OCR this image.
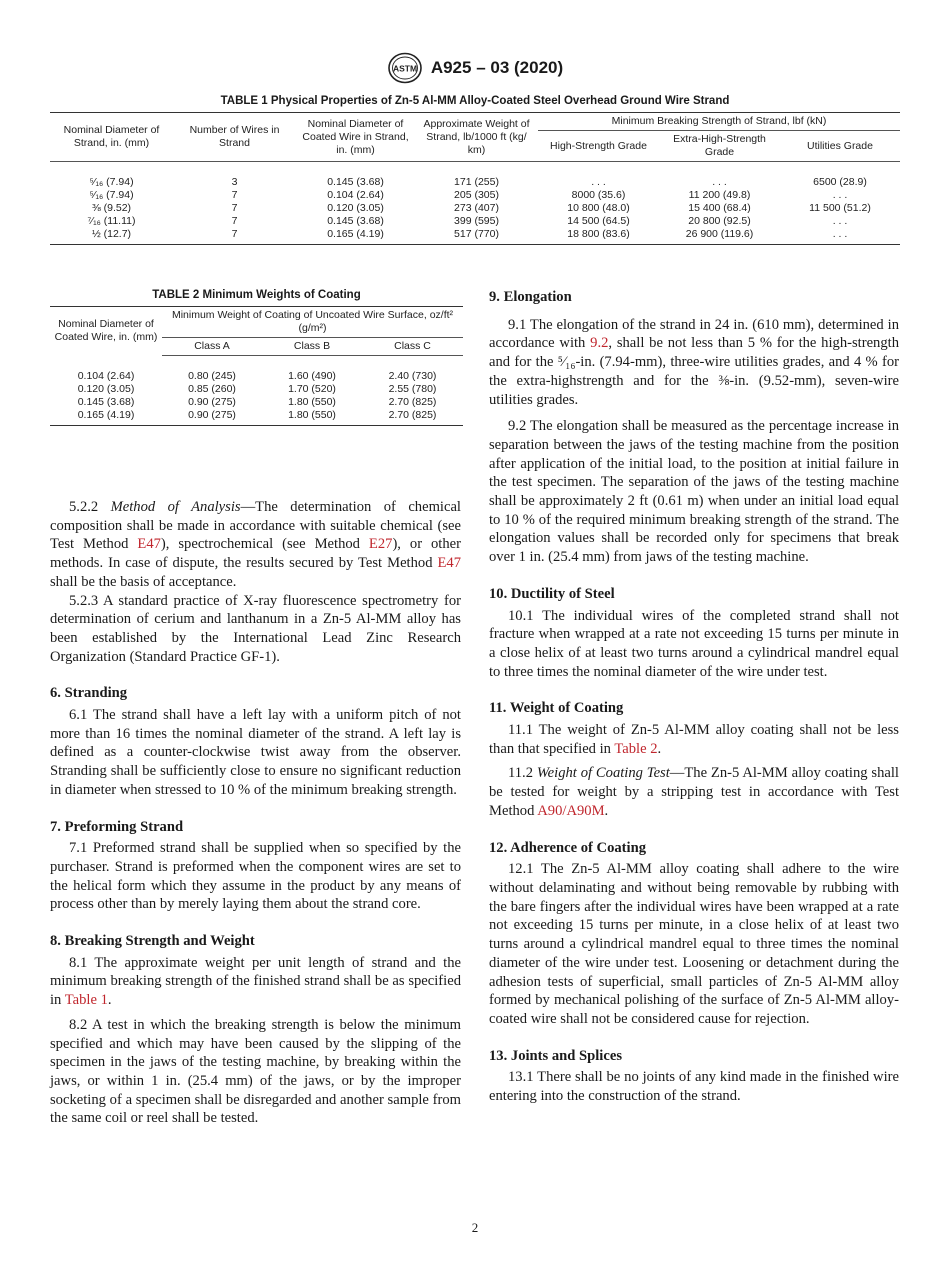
ASTM A925 – 03 (2020)
TABLE 1 Physical Properties of Zn-5 Al-MM Alloy-Coated Steel Overhead Ground Wire Strand
Nominal Diameter of Strand, in. (mm)	Number of Wires in Strand	Nominal Diameter of Coated Wire in Strand, in. (mm)	Approximate Weight of Strand, lb/1000 ft (kg/ km)	Minimum Breaking Strength of Strand, lbf (kN)		
				High-Strength Grade	Extra-High-Strength Grade	Utilities Grade
⁵⁄₁₆ (7.94)	3	0.145 (3.68)	171 (255)	. . .	. . .	6500 (28.9)
⁵⁄₁₆ (7.94)	7	0.104 (2.64)	205 (305)	8000 (35.6)	11 200 (49.8)	. . .
⅜ (9.52)	7	0.120 (3.05)	273 (407)	10 800 (48.0)	15 400 (68.4)	11 500 (51.2)
⁷⁄₁₆ (11.11)	7	0.145 (3.68)	399 (595)	14 500 (64.5)	20 800 (92.5)	. . .
½ (12.7)	7	0.165 (4.19)	517 (770)	18 800 (83.6)	26 900 (119.6)	. . .
TABLE 2 Minimum Weights of Coating
Nominal Diameter of Coated Wire, in. (mm)	Minimum Weight of Coating of Uncoated Wire Surface, oz/ft² (g/m²)		
	Class A	Class B	Class C
0.104 (2.64)	0.80 (245)	1.60 (490)	2.40 (730)
0.120 (3.05)	0.85 (260)	1.70 (520)	2.55 (780)
0.145 (3.68)	0.90 (275)	1.80 (550)	2.70 (825)
0.165 (4.19)	0.90 (275)	1.80 (550)	2.70 (825)

5.2.2 Method of Analysis—The determination of chemical composition shall be made in accordance with suitable chemical (see Test Method E47), spectrochemical (see Method E27), or other methods. In case of dispute, the results secured by Test Method E47 shall be the basis of acceptance.

5.2.3 A standard practice of X-ray fluorescence spectrometry for determination of cerium and lanthanum in a Zn-5 Al-MM alloy has been established by the International Lead Zinc Research Organization (Standard Practice GF-1).

6. Stranding

6.1 The strand shall have a left lay with a uniform pitch of not more than 16 times the nominal diameter of the strand. A left lay is defined as a counter-clockwise twist away from the observer. Stranding shall be sufficiently close to ensure no significant reduction in diameter when stressed to 10 % of the minimum breaking strength.

7. Preforming Strand

7.1 Preformed strand shall be supplied when so specified by the purchaser. Strand is preformed when the component wires are set to the helical form which they assume in the product by any means of process other than by merely laying them about the strand core.

8. Breaking Strength and Weight

8.1 The approximate weight per unit length of strand and the minimum breaking strength of the finished strand shall be as specified in Table 1.

8.2 A test in which the breaking strength is below the minimum specified and which may have been caused by the slipping of the specimen in the jaws of the testing machine, by breaking within the jaws, or within 1 in. (25.4 mm) of the jaws, or by the improper socketing of a specimen shall be disregarded and another sample from the same coil or reel shall be tested.

9. Elongation

9.1 The elongation of the strand in 24 in. (610 mm), determined in accordance with 9.2, shall be not less than 5 % for the high-strength and for the ⁵⁄₁₆-in. (7.94-mm), three-wire utilities grades, and 4 % for the extra-highstrength and for the ⅜-in. (9.52-mm), seven-wire utilities grades.

9.2 The elongation shall be measured as the percentage increase in separation between the jaws of the testing machine from the position after application of the initial load, to the position at initial failure in the test specimen. The separation of the jaws of the testing machine shall be approximately 2 ft (0.61 m) when under an initial load equal to 10 % of the required minimum breaking strength of the strand. The elongation values shall be recorded only for specimens that break over 1 in. (25.4 mm) from jaws of the testing machine.

10. Ductility of Steel

10.1 The individual wires of the completed strand shall not fracture when wrapped at a rate not exceeding 15 turns per minute in a close helix of at least two turns around a cylindrical mandrel equal to three times the nominal diameter of the wire under test.

11. Weight of Coating

11.1 The weight of Zn-5 Al-MM alloy coating shall not be less than that specified in Table 2.

11.2 Weight of Coating Test—The Zn-5 Al-MM alloy coating shall be tested for weight by a stripping test in accordance with Test Method A90/A90M.

12. Adherence of Coating

12.1 The Zn-5 Al-MM alloy coating shall adhere to the wire without delaminating and without being removable by rubbing with the bare fingers after the individual wires have been wrapped at a rate not exceeding 15 turns per minute, in a close helix of at least two turns around a cylindrical mandrel equal to three times the nominal diameter of the wire under test. Loosening or detachment during the adhesion tests of superficial, small particles of Zn-5 Al-MM alloy formed by mechanical polishing of the surface of Zn-5 Al-MM alloy-coated wire shall not be considered cause for rejection.

13. Joints and Splices

13.1 There shall be no joints of any kind made in the finished wire entering into the construction of the strand.

2
